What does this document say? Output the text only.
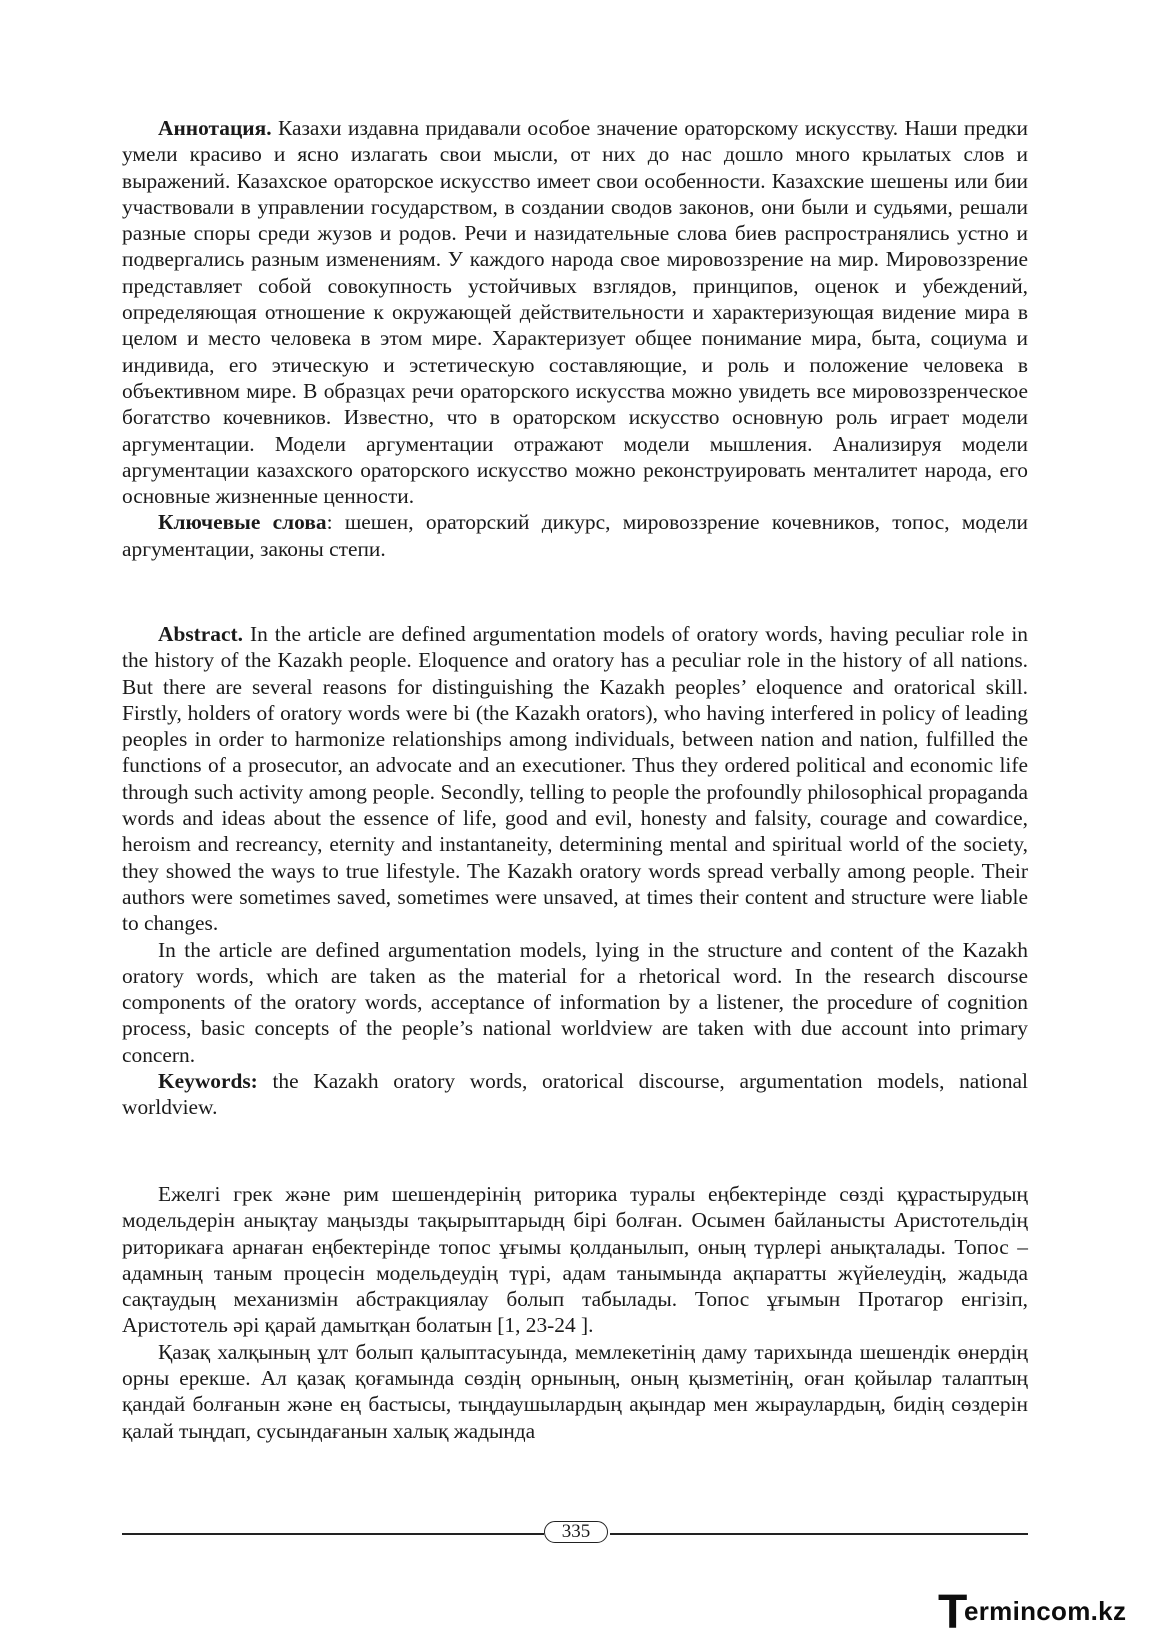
Аннотация. Казахи издавна придавали особое значение ораторскому искусству. Наши предки умели красиво и ясно излагать свои мысли, от них до нас дошло много крылатых слов и выражений. Казахское ораторское искусство имеет свои особенности. Казахские шешены или бии участвовали в управлении государством, в создании сводов законов, они были и судьями, решали разные споры среди жузов и родов. Речи и назидательные слова биев распространялись устно и подвергались разным изменениям. У каждого народа свое мировоззрение на мир. Мировоззрение представляет собой совокупность устойчивых взглядов, принципов, оценок и убеждений, определяющая отношение к окружающей действительности и характеризующая видение мира в целом и место человека в этом мире. Характеризует общее понимание мира, быта, социума и индивида, его этическую и эстетическую составляющие, и роль и положение человека в объективном мире. В образцах речи ораторского искусства можно увидеть все мировоззренческое богатство кочевников. Известно, что в ораторском искусство основную роль играет модели аргументации. Модели аргументации отражают модели мышления. Анализируя модели аргументации казахского ораторского искусство можно реконструировать менталитет народа, его основные жизненные ценности.

Ключевые слова: шешен, ораторский дикурс, мировоззрение кочевников, топос, модели аргументации, законы степи.

Abstract. In the article are defined argumentation models of oratory words, having peculiar role in the history of the Kazakh people. Eloquence and oratory has a peculiar role in the history of all nations. But there are several reasons for distinguishing the Kazakh peoples’ eloquence and oratorical skill. Firstly, holders of oratory words were bi (the Kazakh orators), who having interfered in policy of leading peoples in order to harmonize relationships among individuals, between nation and nation, fulfilled the functions of a prosecutor, an advocate and an executioner. Thus they ordered political and economic life through such activity among people. Secondly, telling to people the profoundly philosophical propaganda words and ideas about the essence of life, good and evil, honesty and falsity, courage and cowardice, heroism and recreancy, eternity and instantaneity, determining mental and spiritual world of the society, they showed the ways to true lifestyle. The Kazakh oratory words spread verbally among people. Their authors were sometimes saved, sometimes were unsaved, at times their content and structure were liable to changes.

In the article are defined argumentation models, lying in the structure and content of the Kazakh oratory words, which are taken as the material for a rhetorical word. In the research discourse components of the oratory words, acceptance of information by a listener, the procedure of cognition process, basic concepts of the people’s national worldview are taken with due account into primary concern.

Keywords: the Kazakh oratory words, oratorical discourse, argumentation models, national worldview.

Ежелгі грек және рим шешендерінің риторика туралы еңбектерінде сөзді құрастырудың модельдерін анықтау маңызды тақырыптарыдң бірі болған. Осымен байланысты Аристотельдің риторикаға арнаған еңбектерінде топос ұғымы қолданылып, оның түрлері анықталады. Топос – адамның таным процесін модельдеудің түрі, адам танымында ақпаратты жүйелеудің, жадыда сақтаудың механизмін абстракциялау болып табылады. Топос ұғымын Протагор енгізіп, Аристотель әрі қарай дамытқан болатын [1, 23-24 ].

Қазақ халқының ұлт болып қалыптасуында, мемлекетінің даму тарихында шешендік өнердің орны ерекше. Ал қазақ қоғамында сөздің орнының, оның қызметінің, оған қойылар талаптың қандай болғанын және ең бастысы, тыңдаушылардың ақындар мен жыраулардың, бидің сөздерін қалай тыңдап, сусындағанын халық жадында

335
T
ermincom.kz
